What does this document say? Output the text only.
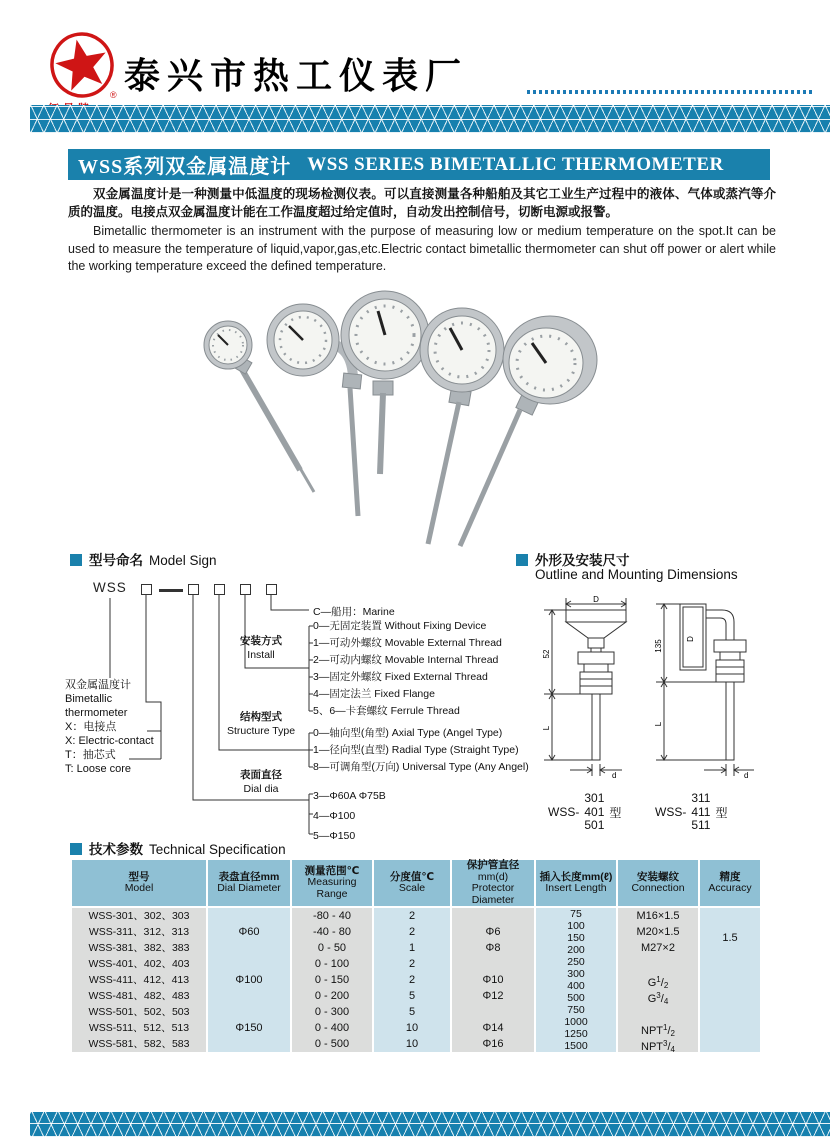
® 泰兴市热工仪表厂
WSS系列双金属温度计 WSS SERIES BIMETALLIC THERMOMETER

双金属温度计是一种测量中低温度的现场检测仪表。可以直接测量各种船舶及其它工业生产过程中的液体、气体或蒸汽等介质的温度。电接点双金属温度计能在工作温度超过给定值时，自动发出控制信号，切断电源或报警。

Bimetallic thermometer is an instrument with the purpose of measuring low or medium temperature on the spot.It can be used to measure the temperature of liquid,vapor,gas,etc.Electric contact bimetallic thermometer can shut off power or alert while the working temperature exceed the defined temperature.

型号命名 Model Sign
WSS
双金属温度计
Bimetallic
thermometer
X：电接点
X: Electric-contact
T：抽芯式
T: Loose core
C—船用：Marine
安装方式
Install
0—无固定装置 Without Fixing Device
1—可动外螺纹 Movable External Thread
2—可动内螺纹 Movable Internal Thread
3—固定外螺纹 Fixed External Thread
4—固定法兰 Fixed Flange
5、6—卡套螺纹 Ferrule Thread
结构型式
Structure Type	0—轴向型(角型) Axial Type (Angel Type)
1—径向型(直型) Radial Type (Straight Type)
8—可调角型(万向) Universal Type (Any Angel)
表面直径
Dial dia
3—Φ60A Φ75B
4—Φ100
5—Φ150
外形及安装尺寸
Outline and Mounting Dimensions
D
52
L
d
D
135
L
d
WSS-
301
401
501
型	WSS-
311
411
511
型
技术参数 Technical Specification
型号
Model
表盘直径mm
Dial Diameter
测量范围℃
Measuring
Range
分度值℃
Scale
保护管直径
mm(d)
Protector
Diameter
插入长度mm(ℓ)
Insert Length
安装螺纹
Connection
精度
Accuracy
WSS-301、302、303
WSS-311、312、313
WSS-381、382、383
WSS-401、402、403
WSS-411、412、413
WSS-481、482、483
WSS-501、502、503
WSS-511、512、513
WSS-581、582、583
Φ60
Φ100
Φ150
-80 - 40
-40 - 80
0 - 50
0 - 100
0 - 150
0 - 200
0 - 300
0 - 400
0 - 500
2
2
1
2
2
5
5
10
10

Φ6
Φ8

Φ10
Φ12

Φ14
Φ16
75
100
150
200
250
300
400
500
750
1000
1250
1500
M16×1.5
M20×1.5
M27×2

$G^1/_2$
$G^3/_4$

$NPT^1/_2$
$NPT^3/_4$
1.5
